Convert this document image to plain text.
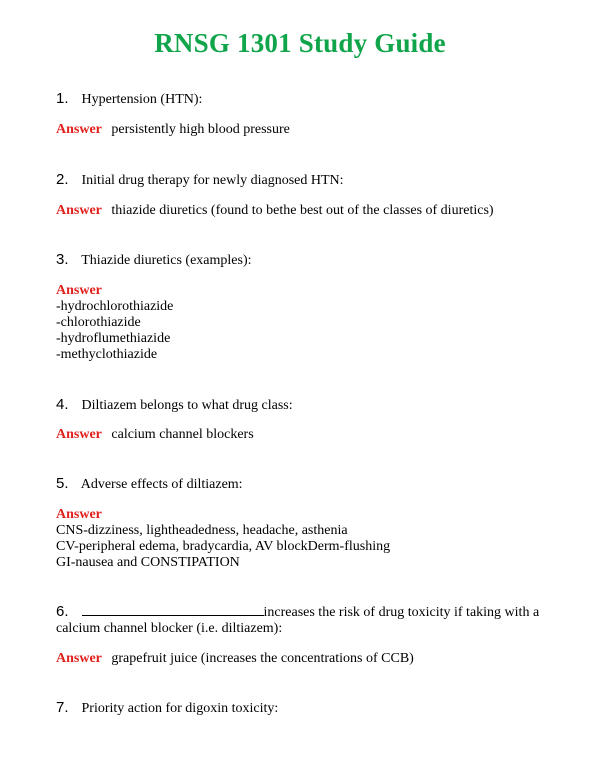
RNSG 1301 Study Guide
1. Hypertension (HTN):
Answer persistently high blood pressure
2. Initial drug therapy for newly diagnosed HTN:
Answer thiazide diuretics (found to bethe best out of the classes of diuretics)
3. Thiazide diuretics (examples):
Answer
-hydrochlorothiazide
-chlorothiazide
-hydroflumethiazide
-methyclothiazide
4. Diltiazem belongs to what drug class:
Answer calcium channel blockers
5. Adverse effects of diltiazem:
Answer
CNS-dizziness, lightheadedness, headache, asthenia
CV-peripheral edema, bradycardia, AV blockDerm-flushing
GI-nausea and CONSTIPATION
6.	increases the risk of drug toxicity if taking with a
calcium channel blocker (i.e. diltiazem):
Answer grapefruit juice (increases the concentrations of CCB)
7. Priority action for digoxin toxicity:
